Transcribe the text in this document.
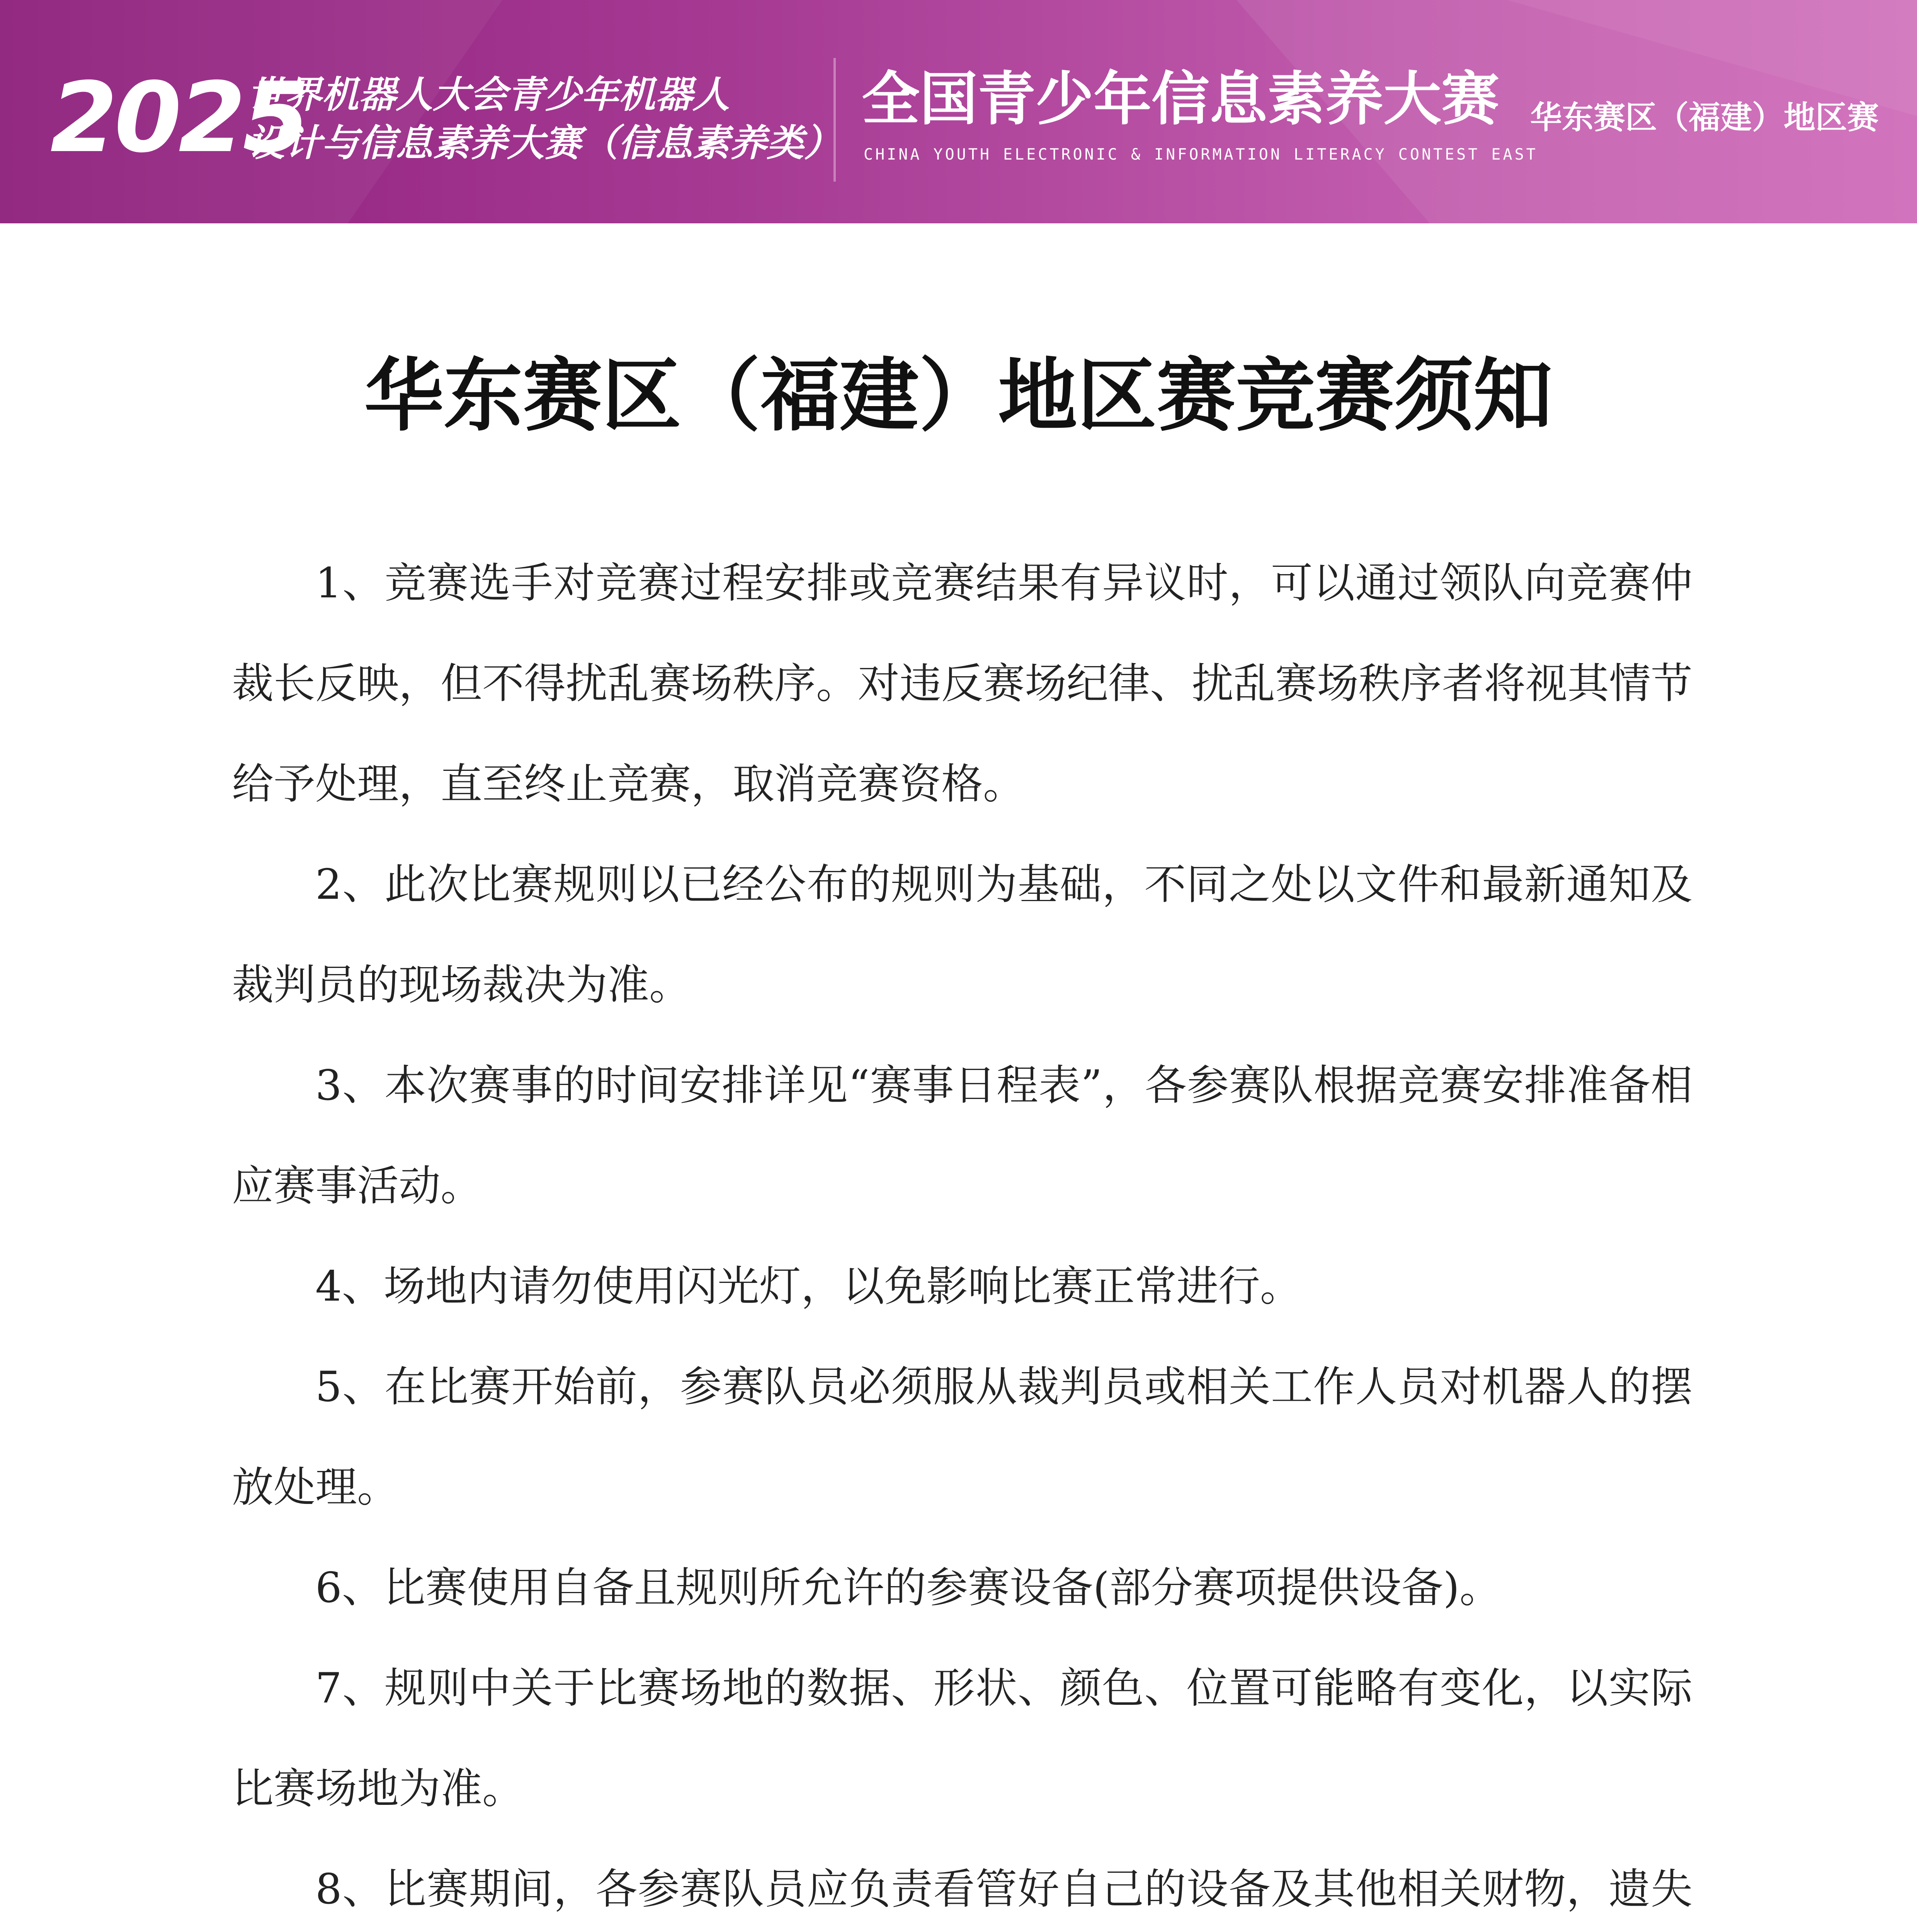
2025
世界机器人大会青少年机器人
设计与信息素养大赛（信息素养类）
全国青少年信息素养大赛
CHINA YOUTH ELECTRONIC & INFORMATION LITERACY CONTEST EAST
华东赛区（福建）地区赛
华东赛区（福建）地区赛竞赛须知

1、竞赛选手对竞赛过程安排或竞赛结果有异议时，可以通过领队向竞赛仲裁长反映，但不得扰乱赛场秩序。对违反赛场纪律、扰乱赛场秩序者将视其情节给予处理，直至终止竞赛，取消竞赛资格。

2、此次比赛规则以已经公布的规则为基础，不同之处以文件和最新通知及裁判员的现场裁决为准。

3、本次赛事的时间安排详见“赛事日程表”，各参赛队根据竞赛安排准备相应赛事活动。

4、场地内请勿使用闪光灯，以免影响比赛正常进行。

5、在比赛开始前，参赛队员必须服从裁判员或相关工作人员对机器人的摆放处理。

6、比赛使用自备且规则所允许的参赛设备(部分赛项提供设备)。

7、规则中关于比赛场地的数据、形状、颜色、位置可能略有变化，以实际比赛场地为准。

8、比赛期间，各参赛队员应负责看管好自己的设备及其他相关财物，遗失
